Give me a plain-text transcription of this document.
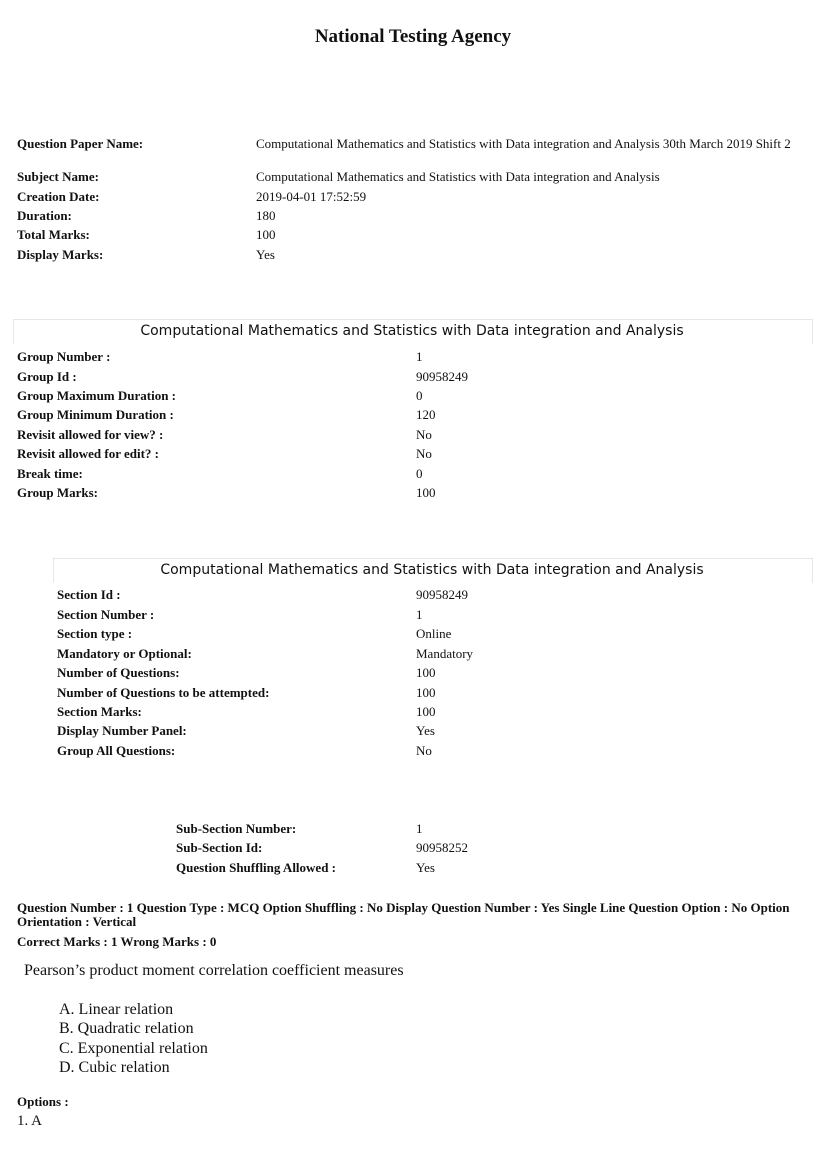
National Testing Agency
Question Paper Name:	Computational Mathematics and Statistics with Data integration and Analysis 30th March 2019 Shift 2
Subject Name:	Computational Mathematics and Statistics with Data integration and Analysis
Creation Date:	2019-04-01 17:52:59
Duration:	180
Total Marks:	100
Display Marks:	Yes
Computational Mathematics and Statistics with Data integration and Analysis
Group Number :	1
Group Id :	90958249
Group Maximum Duration :	0
Group Minimum Duration :	120
Revisit allowed for view? :	No
Revisit allowed for edit? :	No
Break time:	0
Group Marks:	100
Computational Mathematics and Statistics with Data integration and Analysis
Section Id :	90958249
Section Number :	1
Section type :	Online
Mandatory or Optional:	Mandatory
Number of Questions:	100
Number of Questions to be attempted:	100
Section Marks:	100
Display Number Panel:	Yes
Group All Questions:	No
Sub-Section Number:	1
Sub-Section Id:	90958252
Question Shuffling Allowed :	Yes
Question Number : 1 Question Type : MCQ Option Shuffling : No Display Question Number : Yes Single Line Question Option : No Option Orientation : Vertical
Correct Marks : 1 Wrong Marks : 0
Pearson’s product moment correlation coefficient measures
A. Linear relation
B. Quadratic relation
C. Exponential relation
D. Cubic relation
Options :
1. A
